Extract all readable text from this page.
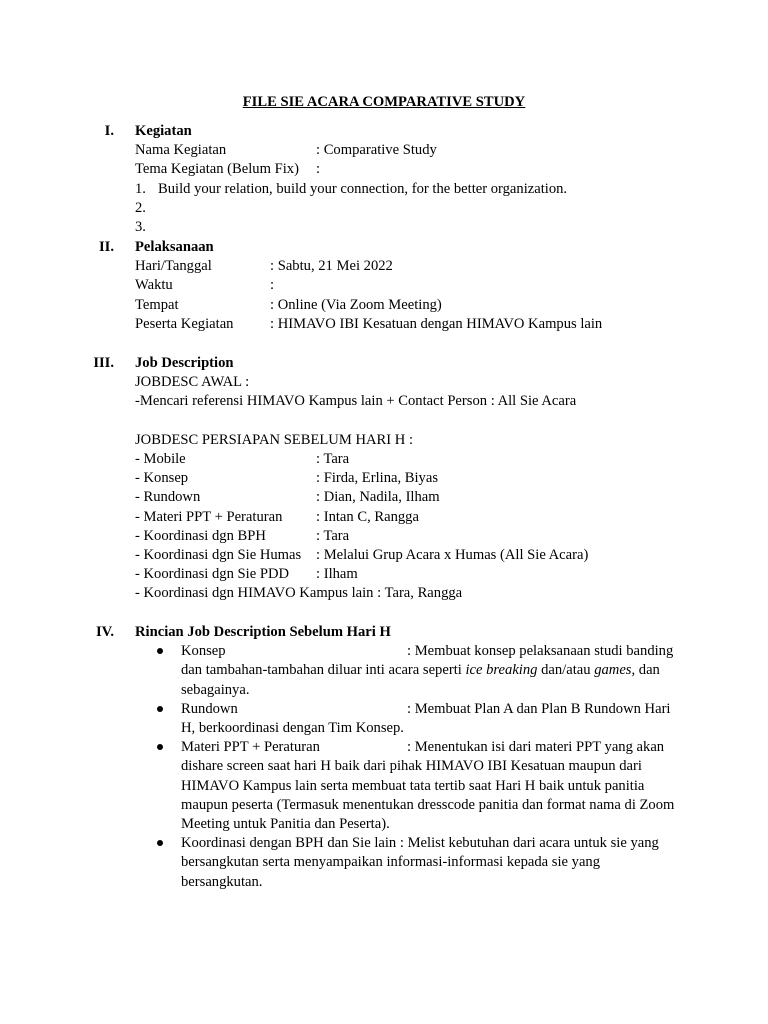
FILE SIE ACARA COMPARATIVE STUDY
I. Kegiatan
Nama Kegiatan	: Comparative Study
Tema Kegiatan (Belum Fix)	:
1. Build your relation, build your connection, for the better organization.
2.
3.
II. Pelaksanaan
Hari/Tanggal	: Sabtu, 21 Mei 2022
Waktu	:
Tempat	: Online (Via Zoom Meeting)
Peserta Kegiatan	: HIMAVO IBI Kesatuan dengan HIMAVO Kampus lain
III. Job Description
JOBDESC AWAL :
-Mencari referensi HIMAVO Kampus lain + Contact Person : All Sie Acara
JOBDESC PERSIAPAN SEBELUM HARI H :
- Mobile	: Tara
- Konsep	: Firda, Erlina, Biyas
- Rundown	: Dian, Nadila, Ilham
- Materi PPT + Peraturan	: Intan C, Rangga
- Koordinasi dgn BPH	: Tara
- Koordinasi dgn Sie Humas	: Melalui Grup Acara x Humas (All Sie Acara)
- Koordinasi dgn Sie PDD	: Ilham
- Koordinasi dgn HIMAVO Kampus lain : Tara, Rangga
IV. Rincian Job Description Sebelum Hari H
Konsep	: Membuat konsep pelaksanaan studi banding dan tambahan-tambahan diluar inti acara seperti ice breaking dan/atau games, dan sebagainya.
Rundown	: Membuat Plan A dan Plan B Rundown Hari H, berkoordinasi dengan Tim Konsep.
Materi PPT + Peraturan	: Menentukan isi dari materi PPT yang akan dishare screen saat hari H baik dari pihak HIMAVO IBI Kesatuan maupun dari HIMAVO Kampus lain serta membuat tata tertib saat Hari H baik untuk panitia maupun peserta (Termasuk menentukan dresscode panitia dan format nama di Zoom Meeting untuk Panitia dan Peserta).
Koordinasi dengan BPH dan Sie lain : Melist kebutuhan dari acara untuk sie yang bersangkutan serta menyampaikan informasi-informasi kepada sie yang bersangkutan.
